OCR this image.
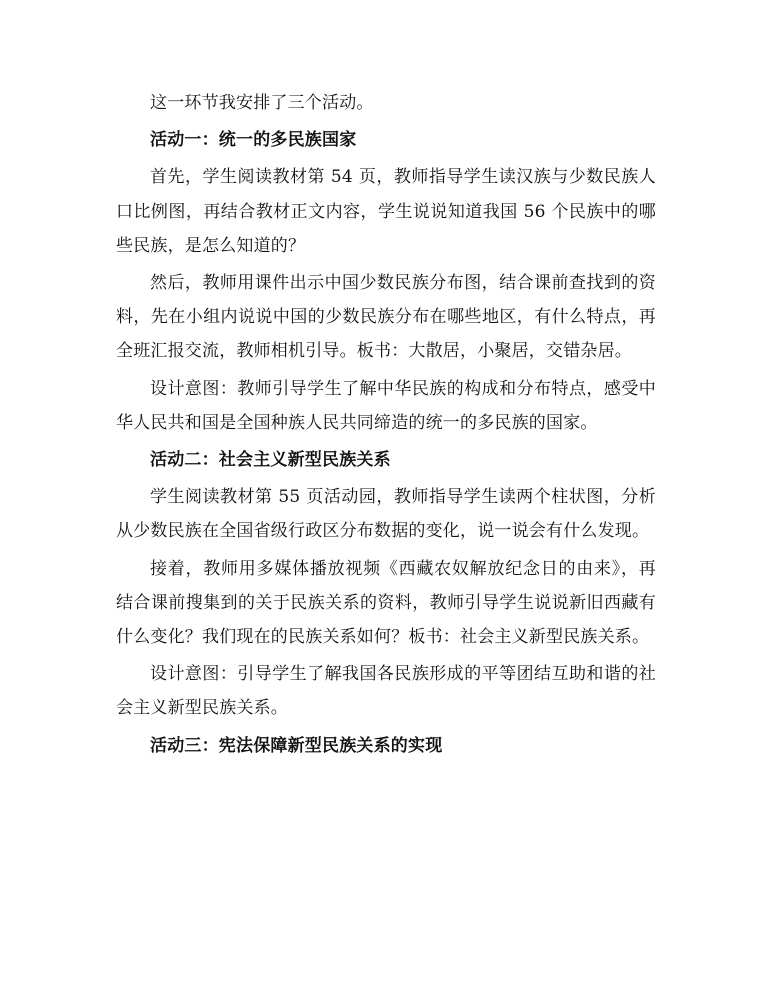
这一环节我安排了三个活动。

活动一：统一的多民族国家

首先，学生阅读教材第 54 页，教师指导学生读汉族与少数民族人口比例图，再结合教材正文内容，学生说说知道我国 56 个民族中的哪些民族，是怎么知道的？

然后，教师用课件出示中国少数民族分布图，结合课前查找到的资料，先在小组内说说中国的少数民族分布在哪些地区，有什么特点，再全班汇报交流，教师相机引导。板书：大散居，小聚居，交错杂居。

设计意图：教师引导学生了解中华民族的构成和分布特点，感受中华人民共和国是全国种族人民共同缔造的统一的多民族的国家。

活动二：社会主义新型民族关系

学生阅读教材第 55 页活动园，教师指导学生读两个柱状图，分析从少数民族在全国省级行政区分布数据的变化，说一说会有什么发现。

接着，教师用多媒体播放视频《西藏农奴解放纪念日的由来》，再结合课前搜集到的关于民族关系的资料，教师引导学生说说新旧西藏有什么变化？我们现在的民族关系如何？板书：社会主义新型民族关系。

设计意图：引导学生了解我国各民族形成的平等团结互助和谐的社会主义新型民族关系。

活动三：宪法保障新型民族关系的实现
